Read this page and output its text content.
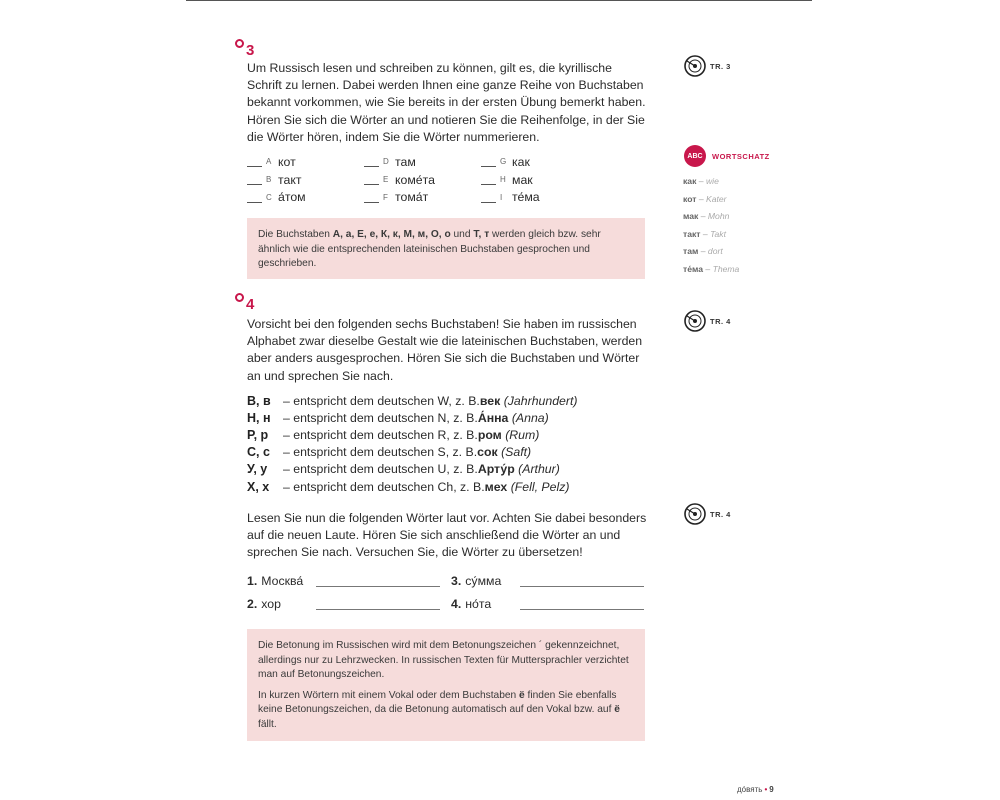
3
Um Russisch lesen und schreiben zu können, gilt es, die kyrillische Schrift zu lernen. Dabei werden Ihnen eine ganze Reihe von Buchstaben bekannt vorkommen, wie Sie bereits in der ersten Übung bemerkt haben. Hören Sie sich die Wörter an und notieren Sie die Reihenfolge, in der Sie die Wörter hören, indem Sie die Wörter nummerieren.
A кот	D там	G как
B такт	E коме́та	H мак
C а́том	F тома́т	I те́ма

Die Buchstaben А, а, Е, е, К, к, М, м, О, о und Т, т werden gleich bzw. sehr ähnlich wie die entsprechenden lateinischen Buchstaben gesprochen und geschrieben.

4
Vorsicht bei den folgenden sechs Buchstaben! Sie haben im russischen Alphabet zwar dieselbe Gestalt wie die lateinischen Buchstaben, werden aber anders ausgesprochen. Hören Sie sich die Buchstaben und Wörter an und sprechen Sie nach.
В, в	– entspricht dem deutschen W, z. B. век
(Jahrhundert)
Н, н	– entspricht dem deutschen N, z. B. А́нна
(Anna)
Р, р	– entspricht dem deutschen R, z. B. ром
(Rum)
С, с	– entspricht dem deutschen S, z. B. сок
(Saft)
У, у	– entspricht dem deutschen U, z. B. Арту́р
(Arthur)
Х, х	– entspricht dem deutschen Ch, z. B. мех
(Fell, Pelz)
Lesen Sie nun die folgenden Wörter laut vor. Achten Sie dabei besonders auf die neuen Laute. Hören Sie sich anschließend die Wörter an und sprechen Sie nach. Versuchen Sie, die Wörter zu übersetzen!
1. Москва́	3. су́мма
2. хор	4. но́та

Die Betonung im Russischen wird mit dem Betonungszeichen ´ gekennzeichnet, allerdings nur zu Lehrzwecken. In russischen Texten für Muttersprachler verzichtet man auf Betonungszeichen.

In kurzen Wörtern mit einem Vokal oder dem Buchstaben ё finden Sie ebenfalls keine Betonungszeichen, da die Betonung automatisch auf den Vokal bzw. auf ё fällt.

TR. 3
TR. 4
TR. 4
ABC	WORTSCHATZ
как – wie
кот – Kater
мак – Mohn
такт – Takt
там – dort
те́ма – Thema
дóвять • 9
